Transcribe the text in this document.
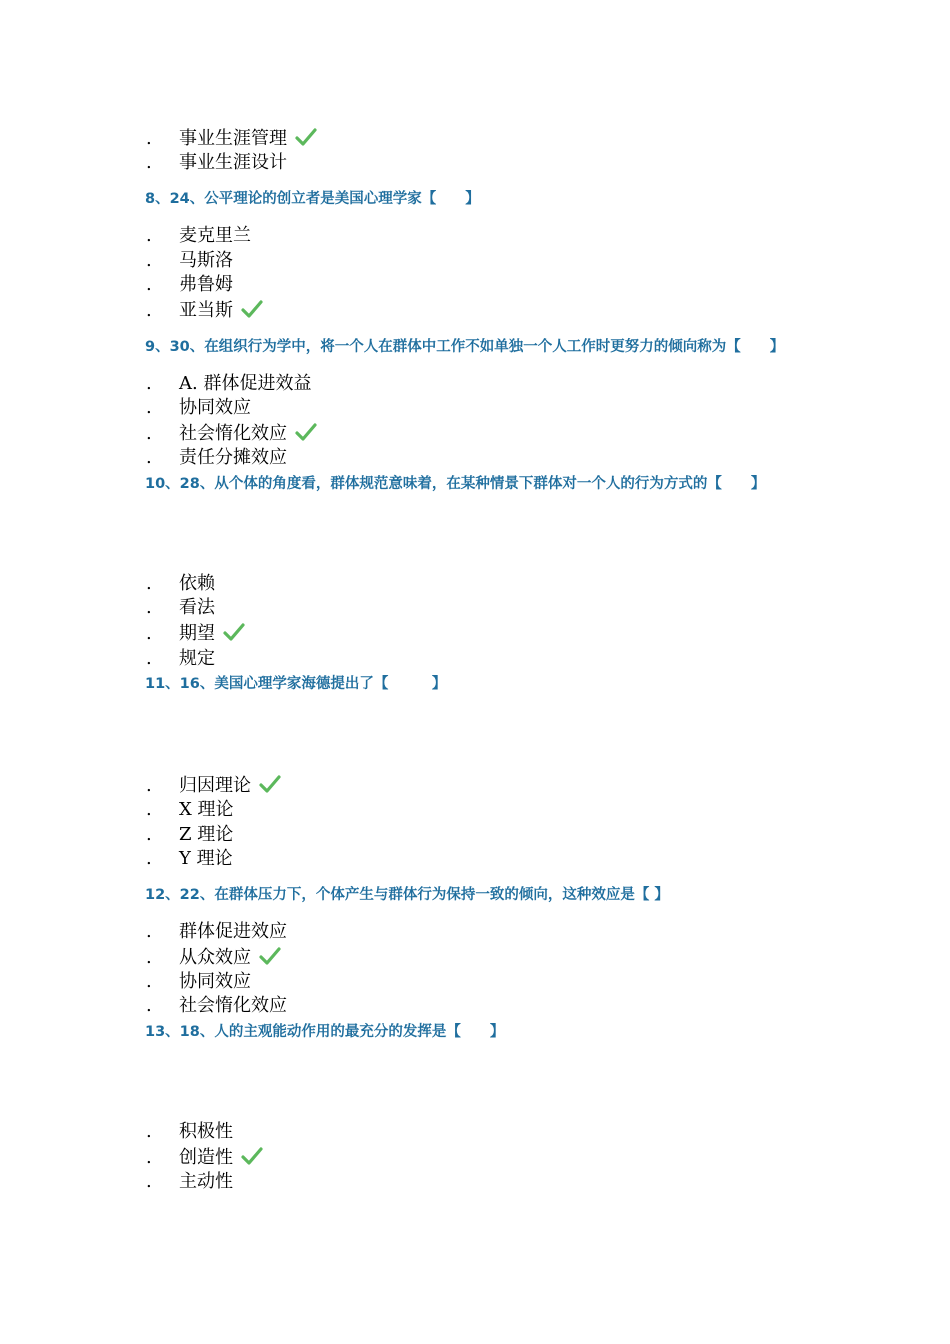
. 事业生涯管理
. 事业生涯设计
8、24、公平理论的创立者是美国心理学家【　　】
. 麦克里兰
. 马斯洛
. 弗鲁姆
. 亚当斯
9、30、在组织行为学中，将一个人在群体中工作不如单独一个人工作时更努力的倾向称为【　　】
. A. 群体促进效益
. 协同效应
. 社会惰化效应
. 责任分摊效应
10、28、从个体的角度看，群体规范意味着，在某种情景下群体对一个人的行为方式的【　　】
. 依赖
. 看法
. 期望
. 规定
11、16、美国心理学家海德提出了【　　　】
. 归因理论
. X 理论
. Z 理论
. Y 理论
12、22、在群体压力下，个体产生与群体行为保持一致的倾向，这种效应是【 】
. 群体促进效应
. 从众效应
. 协同效应
. 社会惰化效应
13、18、人的主观能动作用的最充分的发挥是【　　】
. 积极性
. 创造性
. 主动性
